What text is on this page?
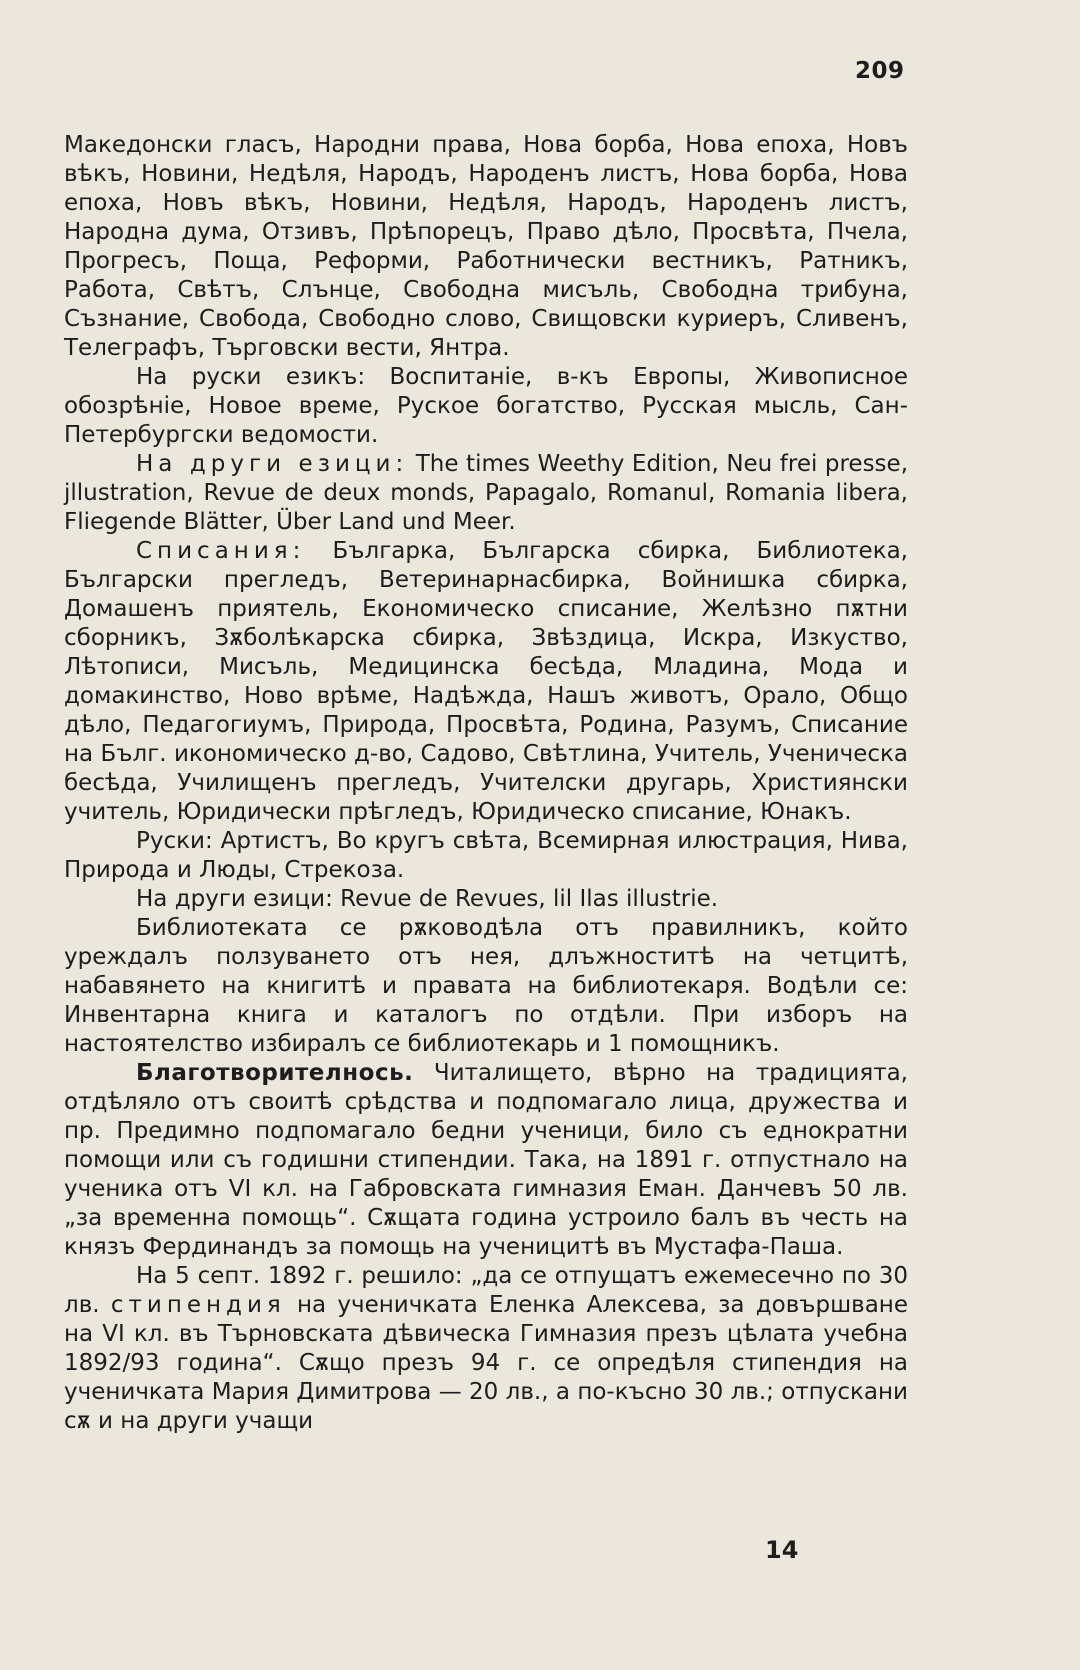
209

Македонски гласъ, Народни права, Нова борба, Нова епоха, Новъ вѣкъ, Новини, Недѣля, Народъ, Народенъ листъ, Нова борба, Нова епоха, Новъ вѣкъ, Новини, Недѣля, Народъ, Народенъ листъ, Народна дума, Отзивъ, Прѣпорецъ, Право дѣло, Просвѣта, Пчела, Прогресъ, Поща, Реформи, Работнически вестникъ, Ратникъ, Работа, Свѣтъ, Слънце, Свободна мисъль, Свободна трибуна, Съзнание, Свобода, Свободно слово, Свищовски куриеръ, Сливенъ, Телеграфъ, Търговски вести, Янтра.

На руски езикъ: Воспитаніе, в-къ Европы, Живописное обозрѣніе, Новое време, Руское богатство, Русская мысль, Сан-Петербургски ведомости.

На други езици: The times Weethy Edition, Neu frei presse, jllustration, Revue de deux monds, Papagalo, Romanul, Romania libera, Fliegende Blätter, Über Land und Meer.

Списания: Българка, Българска сбирка, Библиотека, Български прегледъ, Ветеринарнасбирка, Войнишка сбирка, Домашенъ приятель, Економическо списание, Желѣзно пѫтни сборникъ, Зѫболѣкарска сбирка, Звѣздица, Искра, Изкуство, Лѣтописи, Мисъль, Медицинска бесѣда, Младина, Мода и домакинство, Ново врѣме, Надѣжда, Нашъ животъ, Орало, Общо дѣло, Педагогиумъ, Природа, Просвѣта, Родина, Разумъ, Списание на Бълг. икономическо д-во, Садово, Свѣтлина, Учитель, Ученическа бесѣда, Училищенъ прегледъ, Учителски другарь, Християнски учитель, Юридически прѣгледъ, Юридическо списание, Юнакъ.

Руски: Артистъ, Во кругъ свѣта, Всемирная илюстрация, Нива, Природа и Люды, Стрекоза.

На други езици: Revue de Revues, lil Ilas illustrie.

Библиотеката се рѫководѣла отъ правилникъ, който уреждалъ ползуването отъ нея, длъжноститѣ на четцитѣ, набавянето на книгитѣ и правата на библиотекаря. Водѣли се: Инвентарна книга и каталогъ по отдѣли. При изборъ на настоятелство избиралъ се библиотекарь и 1 помощникъ.

Благотворителнось. Читалището, вѣрно на традицията, отдѣляло отъ своитѣ срѣдства и подпомагало лица, дружества и пр. Предимно подпомагало бедни ученици, било съ еднократни помощи или съ годишни стипендии. Така, на 1891 г. отпустнало на ученика отъ VI кл. на Габровската гимназия Еман. Данчевъ 50 лв. „за временна помощь“. Сѫщата година устроило балъ въ честь на князъ Фердинандъ за помощь на ученицитѣ въ Мустафа-Паша.

На 5 септ. 1892 г. решило: „да се отпущатъ ежемесечно по 30 лв. стипендия на ученичката Еленка Алексева, за довършване на VI кл. въ Търновската дѣвическа Гимназия презъ цѣлата учебна 1892/93 година“. Сѫщо презъ 94 г. се опредѣля стипендия на ученичката Мария Димитрова — 20 лв., а по-късно 30 лв.; отпускани сѫ и на други учащи

14
